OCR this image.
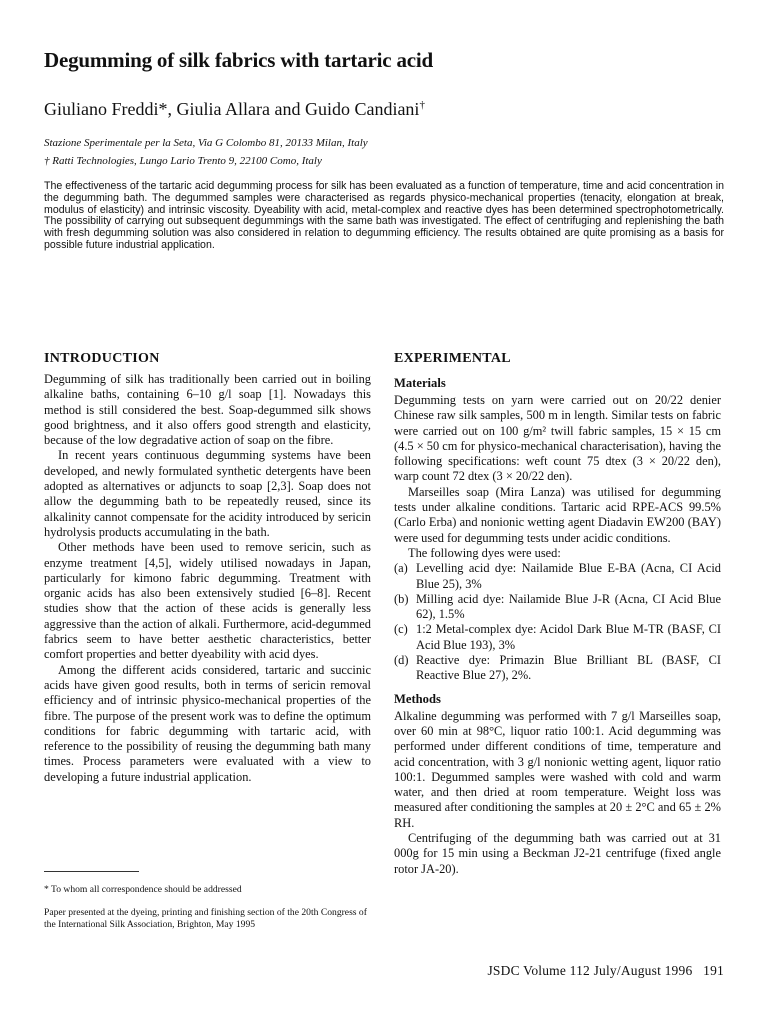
Degumming of silk fabrics with tartaric acid

Giuliano Freddi*, Giulia Allara and Guido Candiani†

Stazione Sperimentale per la Seta, Via G Colombo 81, 20133 Milan, Italy

† Ratti Technologies, Lungo Lario Trento 9, 22100 Como, Italy

The effectiveness of the tartaric acid degumming process for silk has been evaluated as a function of temperature, time and acid concentration in the degumming bath. The degummed samples were characterised as regards physico-mechanical properties (tenacity, elongation at break, modulus of elasticity) and intrinsic viscosity. Dyeability with acid, metal-complex and reactive dyes has been determined spectrophotometrically. The possibility of carrying out subsequent degummings with the same bath was investigated. The effect of centrifuging and replenishing the bath with fresh degumming solution was also considered in relation to degumming efficiency. The results obtained are quite promising as a basis for possible future industrial application.

INTRODUCTION

Degumming of silk has traditionally been carried out in boiling alkaline baths, containing 6–10 g/l soap [1]. Nowadays this method is still considered the best. Soap-degummed silk shows good brightness, and it also offers good strength and elasticity, because of the low degradative action of soap on the fibre.

In recent years continuous degumming systems have been developed, and newly formulated synthetic detergents have been adopted as alternatives or adjuncts to soap [2,3]. Soap does not allow the degumming bath to be repeatedly reused, since its alkalinity cannot compensate for the acidity introduced by sericin hydrolysis products accumulating in the bath.

Other methods have been used to remove sericin, such as enzyme treatment [4,5], widely utilised nowadays in Japan, particularly for kimono fabric degumming. Treatment with organic acids has also been extensively studied [6–8]. Recent studies show that the action of these acids is generally less aggressive than the action of alkali. Furthermore, acid-degummed fabrics seem to have better aesthetic characteristics, better comfort properties and better dyeability with acid dyes.

Among the different acids considered, tartaric and succinic acids have given good results, both in terms of sericin removal efficiency and of intrinsic physico-mechanical properties of the fibre. The purpose of the present work was to define the optimum conditions for fabric degumming with tartaric acid, with reference to the possibility of reusing the degumming bath many times. Process parameters were evaluated with a view to developing a future industrial application.

EXPERIMENTAL
Materials

Degumming tests on yarn were carried out on 20/22 denier Chinese raw silk samples, 500 m in length. Similar tests on fabric were carried out on 100 g/m² twill fabric samples, 15 × 15 cm (4.5 × 50 cm for physico-mechanical characterisation), having the following specifications: weft count 75 dtex (3 × 20/22 den), warp count 72 dtex (3 × 20/22 den).

Marseilles soap (Mira Lanza) was utilised for degumming tests under alkaline conditions. Tartaric acid RPE-ACS 99.5% (Carlo Erba) and nonionic wetting agent Diadavin EW200 (BAY) were used for degumming tests under acidic conditions.

The following dyes were used:

(a) Levelling acid dye: Nailamide Blue E-BA (Acna, CI Acid Blue 25), 3%
(b) Milling acid dye: Nailamide Blue J-R (Acna, CI Acid Blue 62), 1.5%
(c) 1:2 Metal-complex dye: Acidol Dark Blue M-TR (BASF, CI Acid Blue 193), 3%
(d) Reactive dye: Primazin Blue Brilliant BL (BASF, CI Reactive Blue 27), 2%.
Methods

Alkaline degumming was performed with 7 g/l Marseilles soap, over 60 min at 98°C, liquor ratio 100:1. Acid degumming was performed under different conditions of time, temperature and acid concentration, with 3 g/l nonionic wetting agent, liquor ratio 100:1. Degummed samples were washed with cold and warm water, and then dried at room temperature. Weight loss was measured after conditioning the samples at 20 ± 2°C and 65 ± 2% RH.

Centrifuging of the degumming bath was carried out at 31 000g for 15 min using a Beckman J2-21 centrifuge (fixed angle rotor JA-20).

* To whom all correspondence should be addressed

Paper presented at the dyeing, printing and finishing section of the 20th Congress of the International Silk Association, Brighton, May 1995

JSDC Volume 112 July/August 1996 191
